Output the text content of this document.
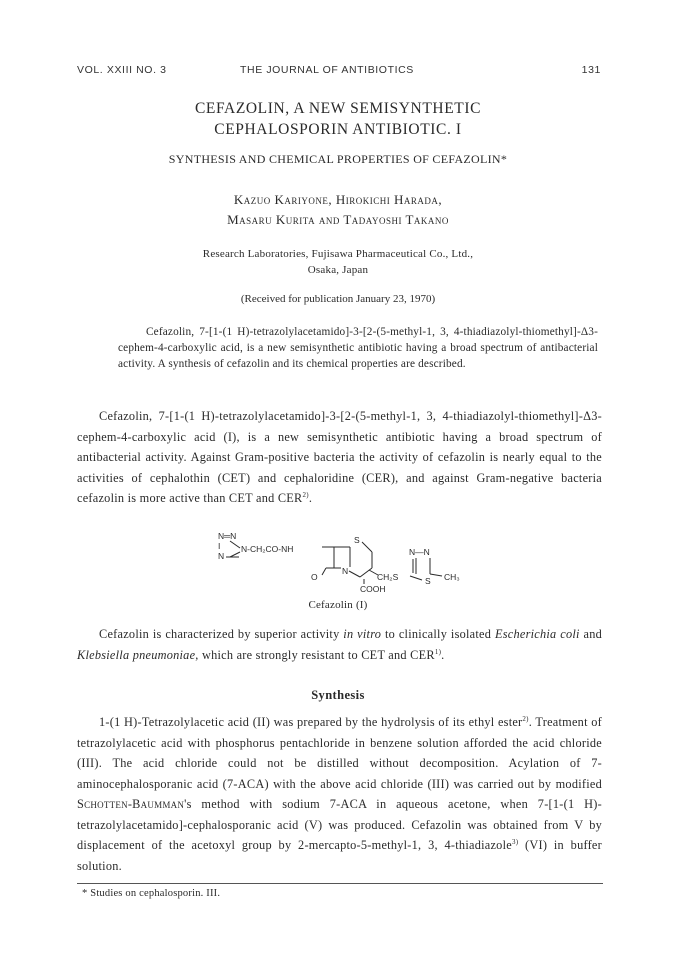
VOL. XXIII NO. 3	THE JOURNAL OF ANTIBIOTICS	131
CEFAZOLIN, A NEW SEMISYNTHETIC
CEPHALOSPORIN ANTIBIOTIC. I
SYNTHESIS AND CHEMICAL PROPERTIES OF CEFAZOLIN*
Kazuo Kariyone, Hirokichi Harada,
Masaru Kurita and Tadayoshi Takano
Research Laboratories, Fujisawa Pharmaceutical Co., Ltd.,
Osaka, Japan
(Received for publication January 23, 1970)

Cefazolin, 7-[1-(1 H)-tetrazolylacetamido]-3-[2-(5-methyl-1, 3, 4-thiadiazolyl-thiomethyl]-Δ3-cephem-4-carboxylic acid, is a new semisynthetic antibiotic having a broad spectrum of antibacterial activity. A synthesis of cefazolin and its chemical properties are described.

Cefazolin, 7-[1-(1 H)-tetrazolylacetamido]-3-[2-(5-methyl-1, 3, 4-thiadiazolyl-thiomethyl]-Δ3-cephem-4-carboxylic acid (I), is a new semisynthetic antibiotic having a broad spectrum of antibacterial activity. Against Gram-positive bacteria the activity of cefazolin is nearly equal to the activities of cephalothin (CET) and cephaloridine (CER), and against Gram-negative bacteria cefazolin is more active than CET and CER$^{2)}$.

N═N
I
N
N-CH₂CO-NH
S
N
O	CH₂S
COOH
N—N
S CH₃
Cefazolin (I)

Cefazolin is characterized by superior activity in vitro to clinically isolated Escherichia coli and Klebsiella pneumoniae, which are strongly resistant to CET and CER$^{1)}$.

Synthesis

1-(1 H)-Tetrazolylacetic acid (II) was prepared by the hydrolysis of its ethyl ester$^{2)}$. Treatment of tetrazolylacetic acid with phosphorus pentachloride in benzene solution afforded the acid chloride (III). The acid chloride could not be distilled without decomposition. Acylation of 7-aminocephalosporanic acid (7-ACA) with the above acid chloride (III) was carried out by modified Schotten-Baumman's method with sodium 7-ACA in aqueous acetone, when 7-[1-(1 H)-tetrazolylacetamido]-cephalosporanic acid (V) was produced. Cefazolin was obtained from V by displacement of the acetoxyl group by 2-mercapto-5-methyl-1, 3, 4-thiadiazole$^{3)}$ (VI) in buffer solution.

* Studies on cephalosporin. III.
